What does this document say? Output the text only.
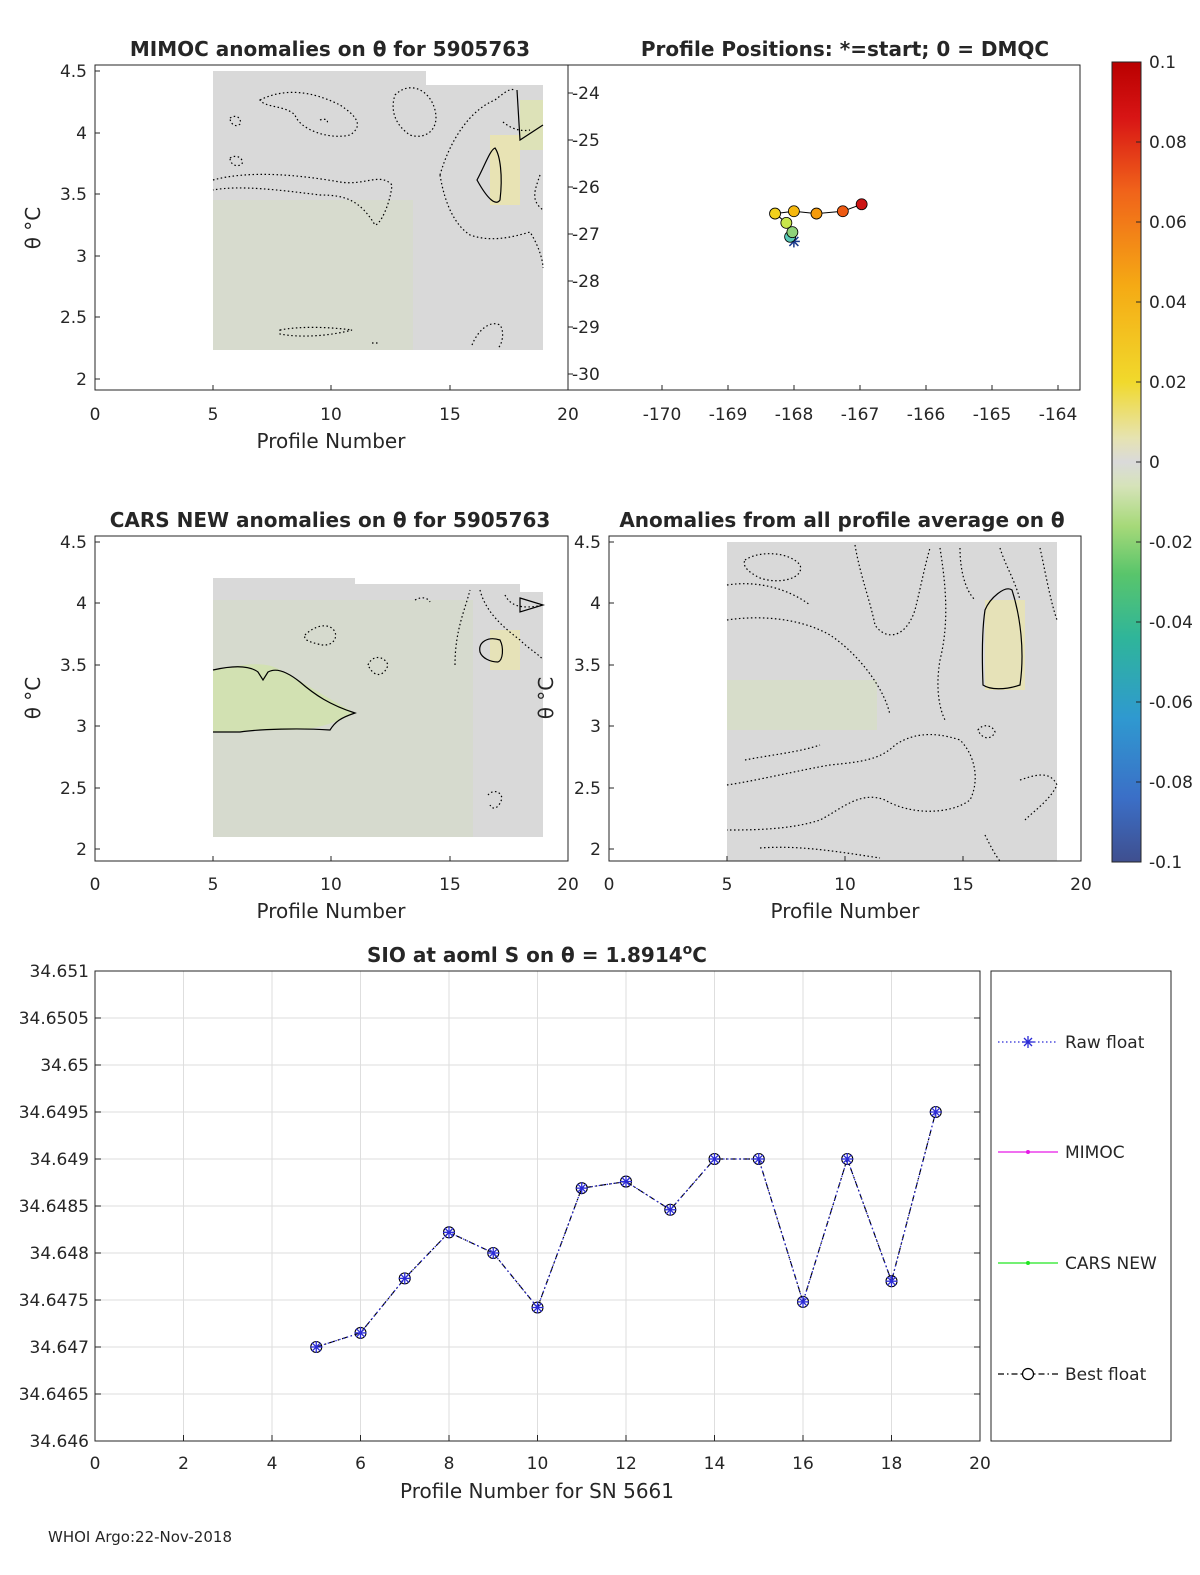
0	5	10	15	20
2
2.5
3
3.5
4
4.5
MIMOC anomalies on θ for 5905763
Profile Number
θ °C
-170 -169 -168 -167 -166 -165 -164
-24
-25
-26
-27
-28
-29
-30
Profile Positions: *=start; 0 = DMQC
0.1
0.08
0.06
0.04
0.02
0
-0.02
-0.04
-0.06
-0.08
-0.1
0	5	10	15	20
2
2.5
3
3.5
4
4.5
CARS NEW anomalies on θ for 5905763
Profile Number
θ °C
0	5	10	15	20
2
2.5
3
3.5
4
4.5
Anomalies from all profile average on θ
Profile Number
θ °C
0	2	4	6	8	10	12	14	16	18	20
34.646
34.6465
34.647
34.6475
34.648
34.6485
34.649
34.6495
34.65
34.6505
34.651
SIO at aoml S on $\theta = 1.8914^oC$
Profile Number for SN 5661
Raw float
MIMOC
CARS NEW
Best float
WHOI Argo:22-Nov-2018
